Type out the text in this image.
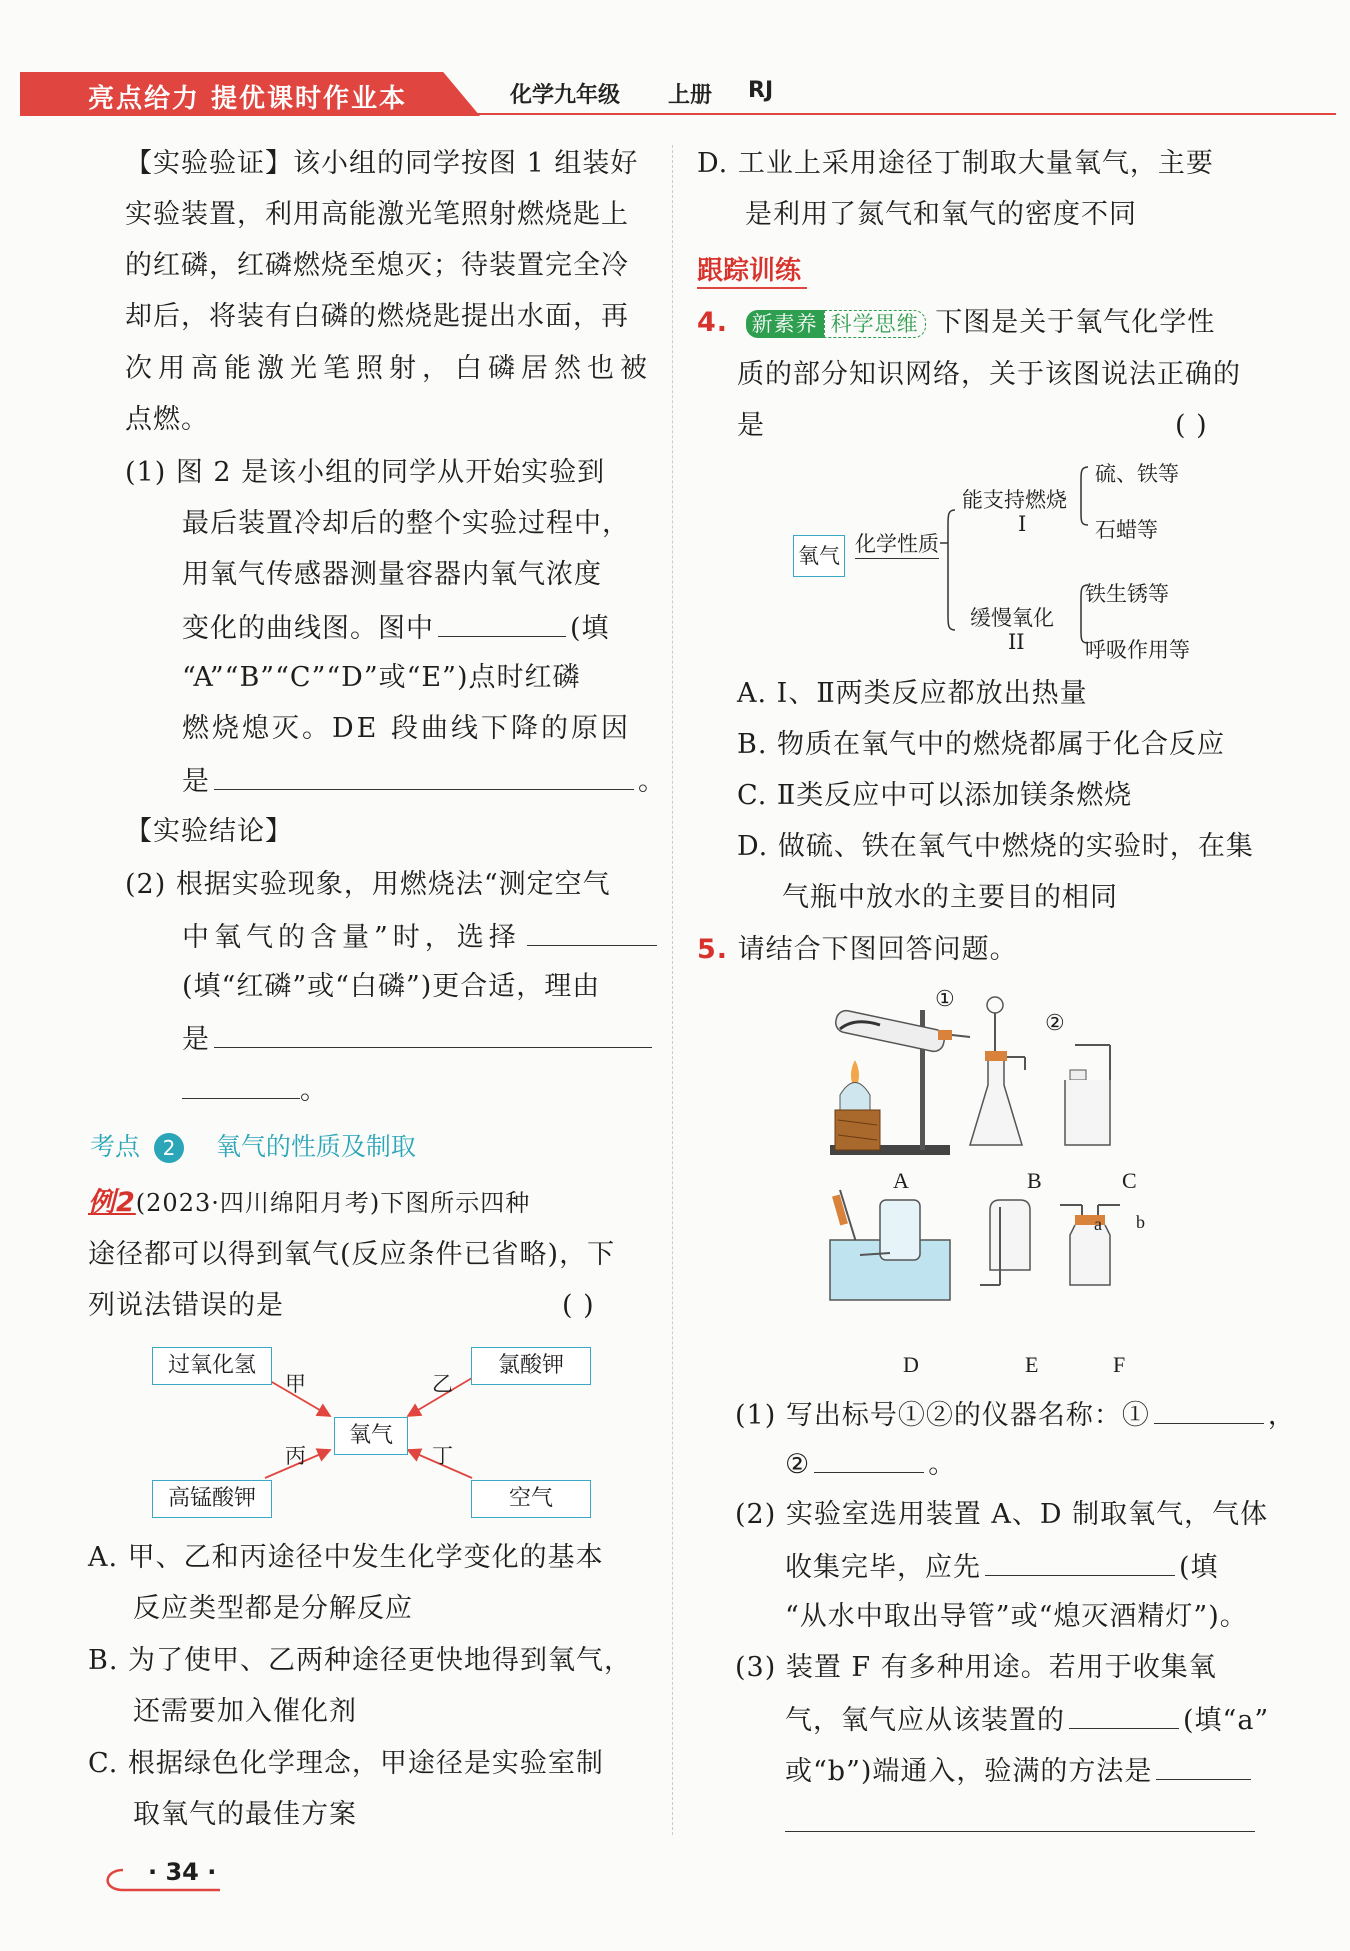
亮点给力 提优课时作业本	化学九年级 上册 RJ
【实验验证】该小组的同学按图 1 组装好
实验装置，利用高能激光笔照射燃烧匙上
的红磷，红磷燃烧至熄灭；待装置完全冷
却后，将装有白磷的燃烧匙提出水面，再
次用高能激光笔照射，白磷居然也被
点燃。
(1) 图 2 是该小组的同学从开始实验到
最后装置冷却后的整个实验过程中，
用氧气传感器测量容器内氧气浓度
变化的曲线图。图中	(填
“A”“B”“C”“D”或“E”)点时红磷
燃烧熄灭。DE 段曲线下降的原因
是	。
【实验结论】
(2) 根据实验现象，用燃烧法“测定空气
中氧气的含量”时，选择
(填“红磷”或“白磷”)更合适，理由
是
。
考点 2 氧气的性质及制取
例2(2023·四川绵阳月考)下图所示四种
途径都可以得到氧气(反应条件已省略)，下
列说法错误的是	( )
过氧化氢	氯酸钾
氧气
高锰酸钾	空气
甲	乙
丙	丁
A. 甲、乙和丙途径中发生化学变化的基本
反应类型都是分解反应
B. 为了使甲、乙两种途径更快地得到氧气，
还需要加入催化剂
C. 根据绿色化学理念，甲途径是实验室制
取氧气的最佳方案
· 34 ·
D. 工业上采用途径丁制取大量氧气，主要
是利用了氮气和氧气的密度不同
跟踪训练
4. 新素养 科学思维 下图是关于氧气化学性
质的部分知识网络，关于该图说法正确的
是	( )
氧气 化学性质
能支持燃烧
I
硫、铁等
石蜡等
缓慢氧化
II
铁生锈等
呼吸作用等
A. Ⅰ、Ⅱ两类反应都放出热量
B. 物质在氧气中的燃烧都属于化合反应
C. Ⅱ类反应中可以添加镁条燃烧
D. 做硫、铁在氧气中燃烧的实验时，在集
气瓶中放水的主要目的相同
5. 请结合下图回答问题。
①
②
A	B	C
a b
D	E	F
(1) 写出标号①②的仪器名称：①	，
②	。
(2) 实验室选用装置 A、D 制取氧气，气体
收集完毕，应先	(填
“从水中取出导管”或“熄灭酒精灯”)。
(3) 装置 F 有多种用途。若用于收集氧
气，氧气应从该装置的	(填“a”
或“b”)端通入，验满的方法是
